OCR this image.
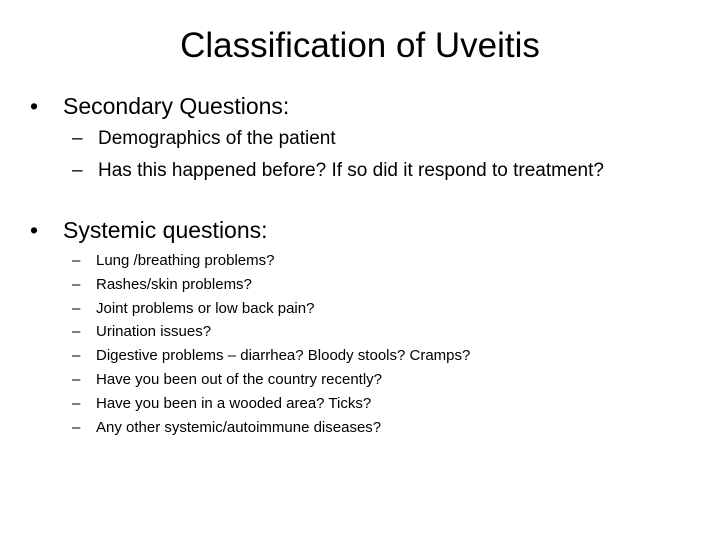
Classification of Uveitis
• Secondary Questions:
– Demographics of the patient
– Has this happened before? If so did it respond to treatment?
• Systemic questions:
– Lung /breathing problems?
– Rashes/skin problems?
– Joint problems or low back pain?
– Urination issues?
– Digestive problems – diarrhea? Bloody stools? Cramps?
– Have you been out of the country recently?
– Have you been in a wooded area? Ticks?
– Any other systemic/autoimmune diseases?
